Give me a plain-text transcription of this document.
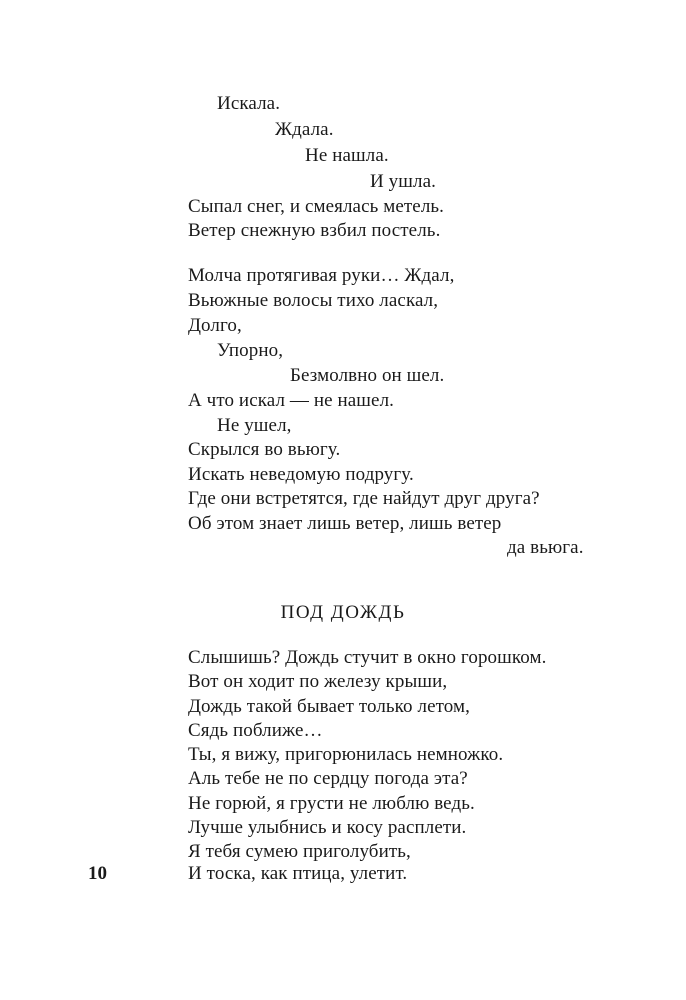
Искала.
Ждала.
Не нашла.
И ушла.
Сыпал снег, и смеялась метель.
Ветер снежную взбил постель.
Молча протягивая руки… Ждал,
Вьюжные волосы тихо ласкал,
Долго,
Упорно,
Безмолвно он шел.
А что искал — не нашел.
Не ушел,
Скрылся во вьюгу.
Искать неведомую подругу.
Где они встретятся, где найдут друг друга?
Об этом знает лишь ветер, лишь ветер
да вьюга.
ПОД ДОЖДЬ
Слышишь? Дождь стучит в окно горошком.
Вот он ходит по железу крыши,
Дождь такой бывает только летом,
Сядь поближе…
Ты, я вижу, пригорюнилась немножко.
Аль тебе не по сердцу погода эта?
Не горюй, я грусти не люблю ведь.
Лучше улыбнись и косу расплети.
Я тебя сумею приголубить,
И тоска, как птица, улетит.
10
